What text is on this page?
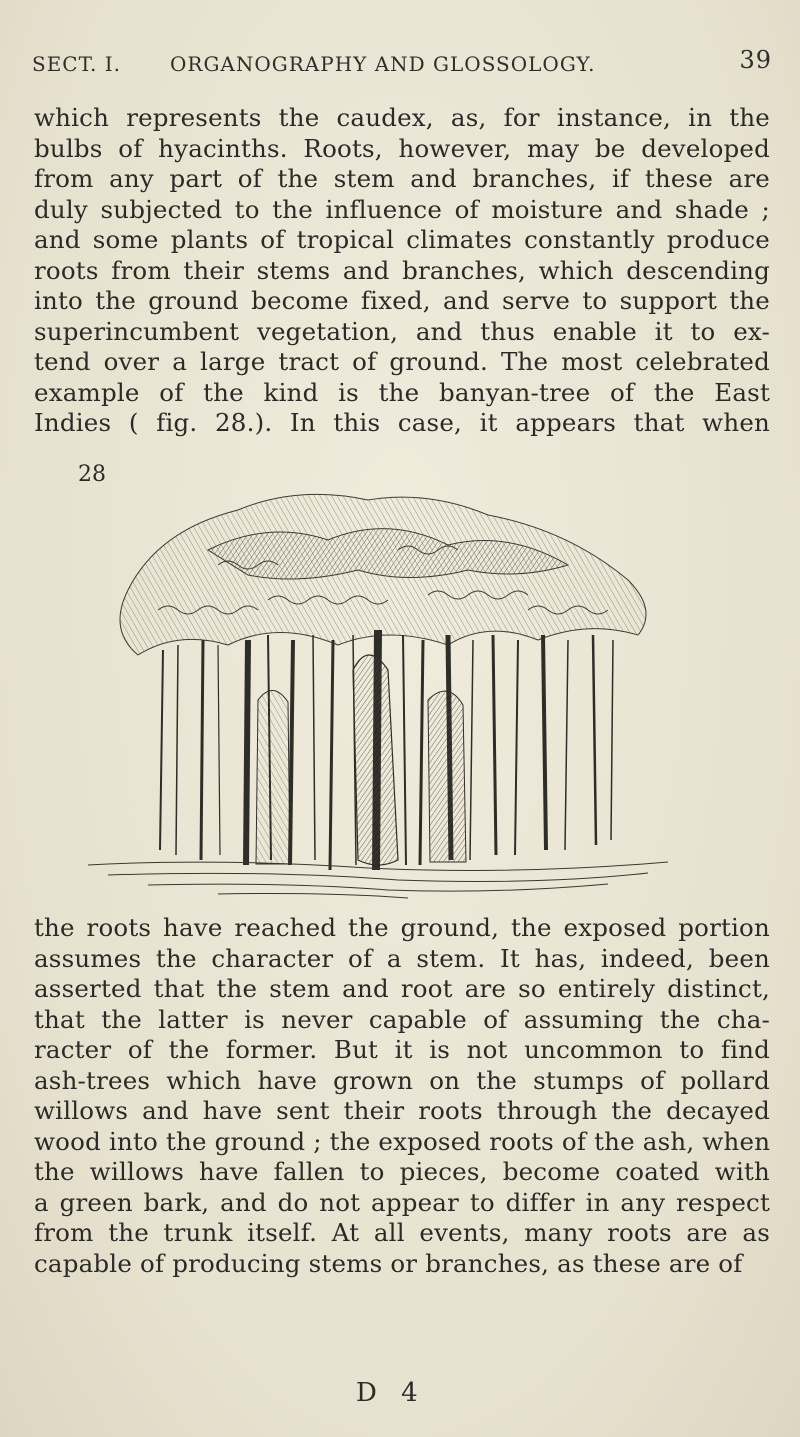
SECT. I. ORGANOGRAPHY AND GLOSSOLOGY.	39
which represents the caudex, as, for instance, in the
bulbs of hyacinths. Roots, however, may be developed
from any part of the stem and branches, if these are
duly subjected to the influence of moisture and shade ;
and some plants of tropical climates constantly produce
roots from their stems and branches, which descending
into the ground become fixed, and serve to support the
superincumbent vegetation, and thus enable it to ex-
tend over a large tract of ground. The most celebrated
example of the kind is the banyan-tree of the East
Indies ( fig. 28.). In this case, it appears that when
28
the roots have reached the ground, the exposed portion
assumes the character of a stem. It has, indeed, been
asserted that the stem and root are so entirely distinct,
that the latter is never capable of assuming the cha-
racter of the former. But it is not uncommon to find
ash-trees which have grown on the stumps of pollard
willows and have sent their roots through the decayed
wood into the ground ; the exposed roots of the ash, when
the willows have fallen to pieces, become coated with
a green bark, and do not appear to differ in any respect
from the trunk itself. At all events, many roots are as
capable of producing stems or branches, as these are of
D 4
